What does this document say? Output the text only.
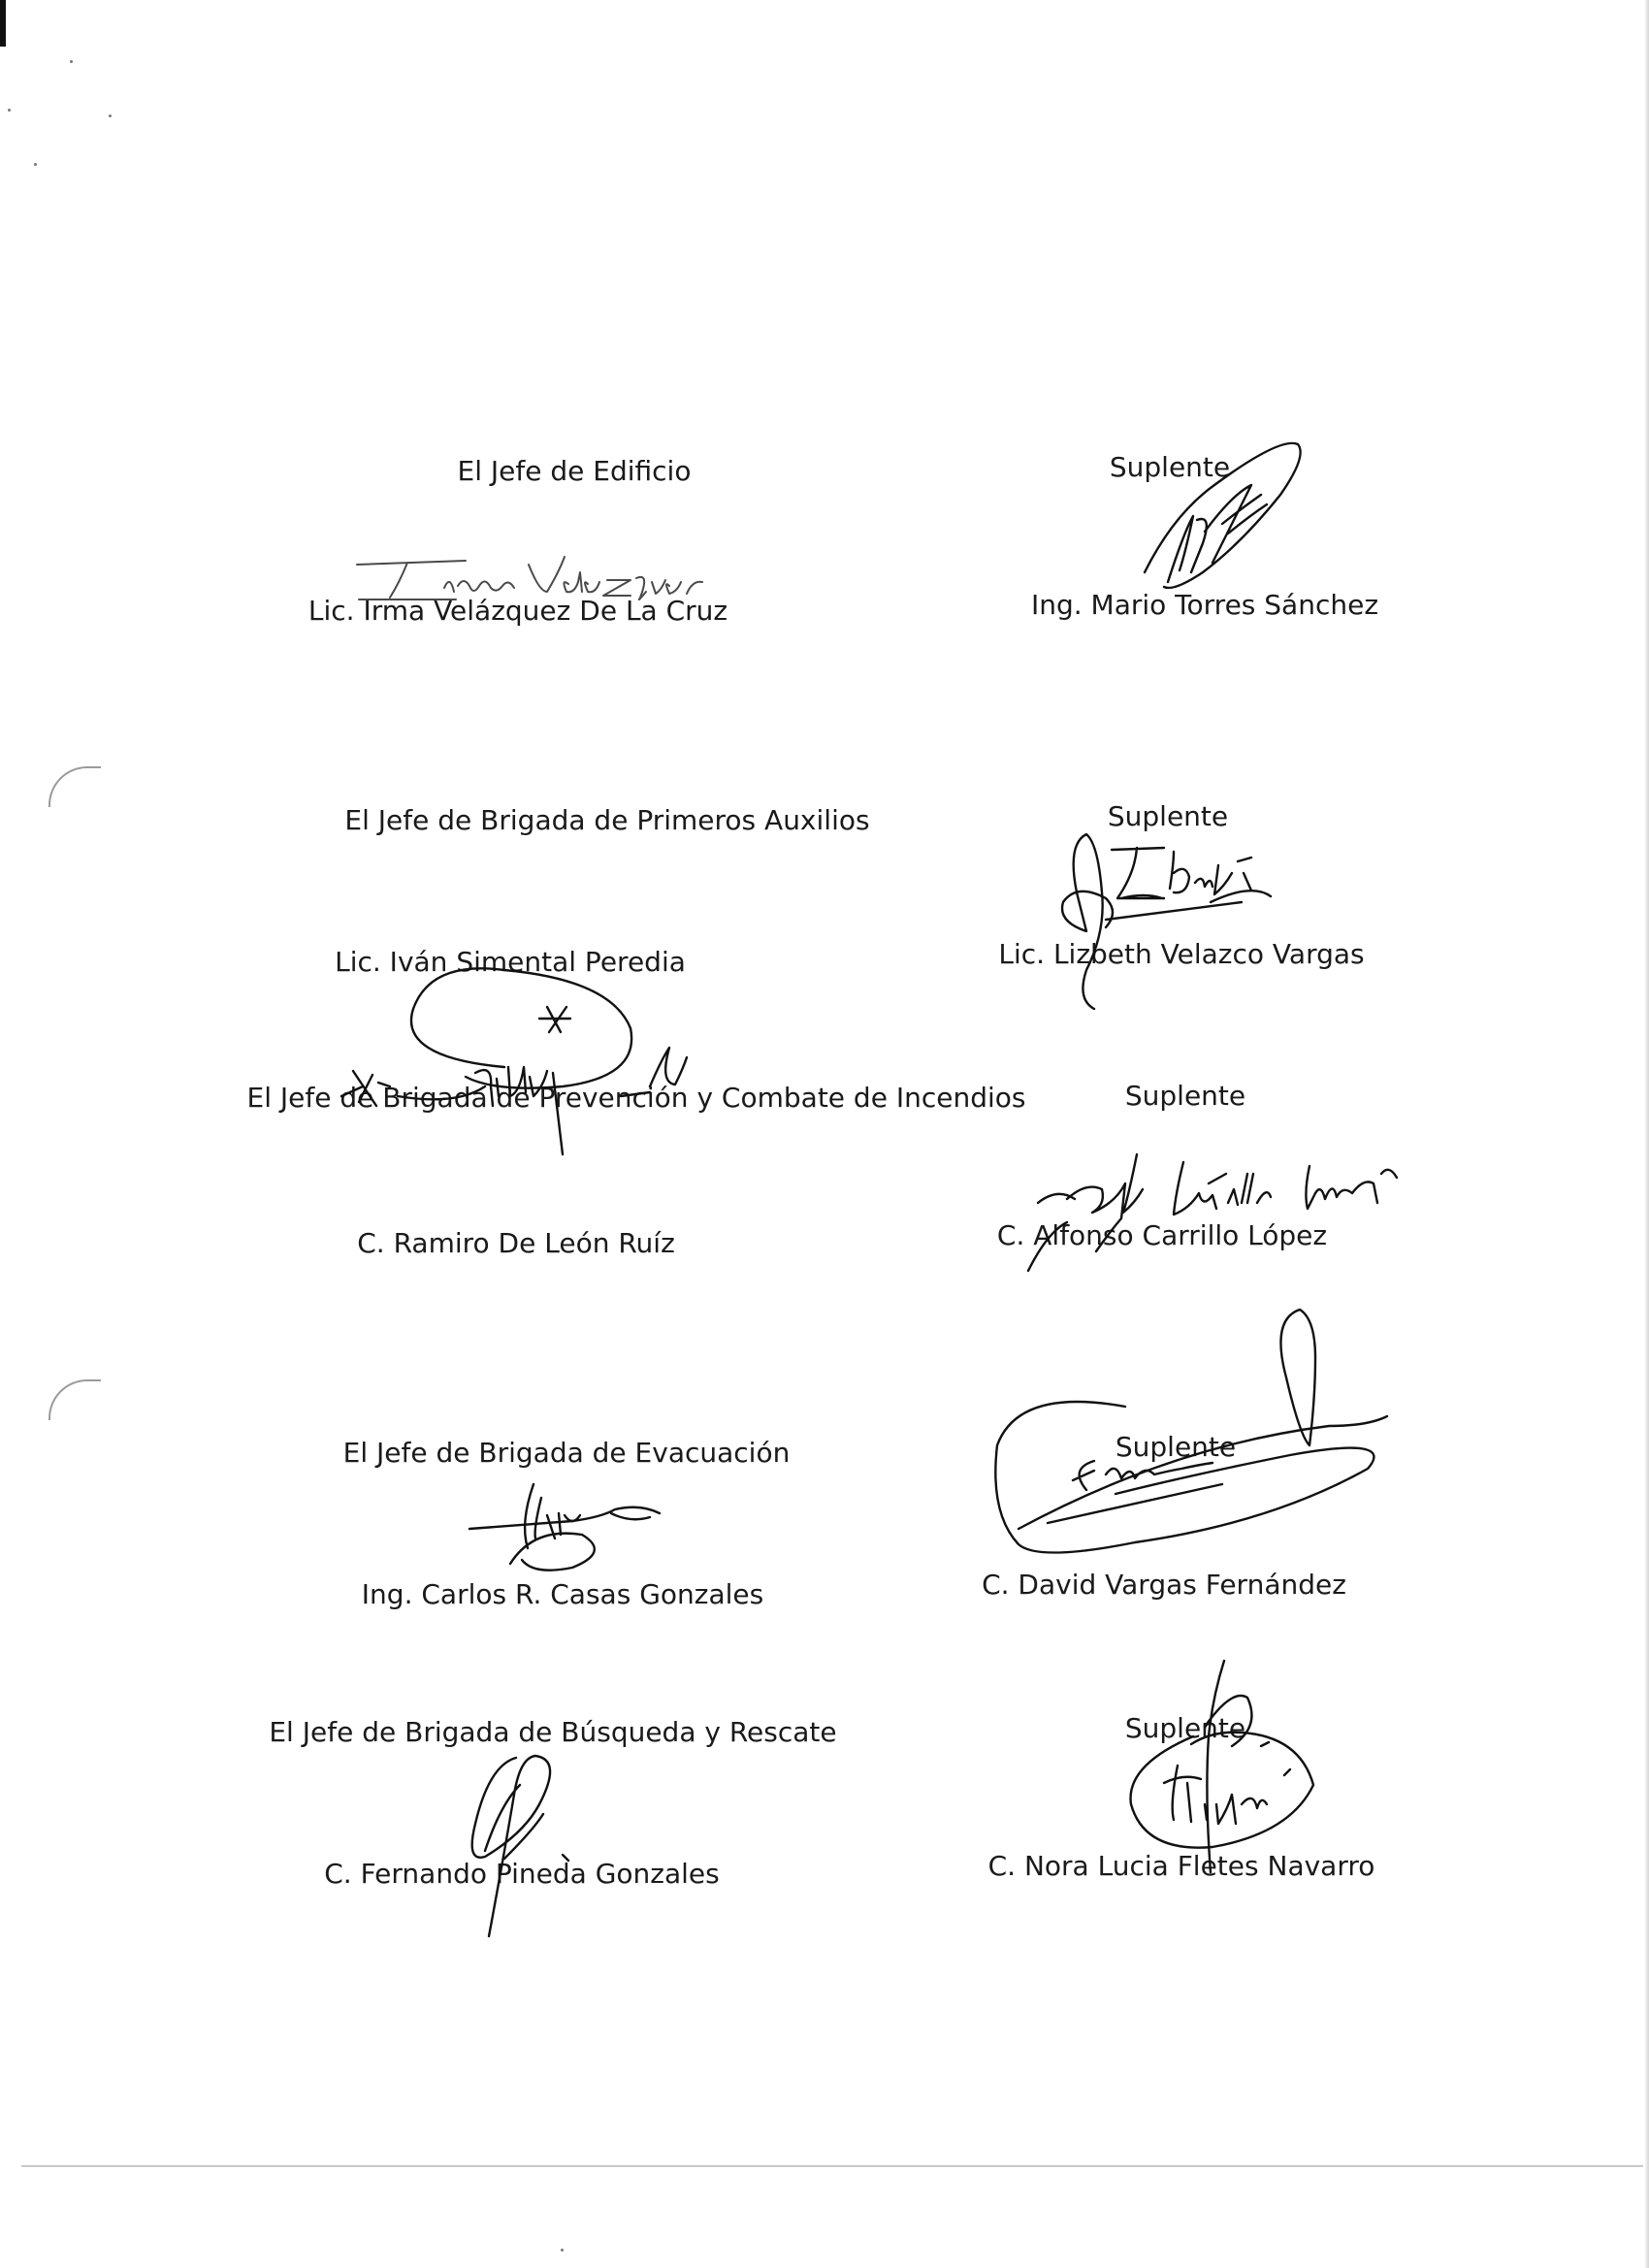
El Jefe de Edificio
Lic. Irma Velázquez De La Cruz
El Jefe de Brigada de Primeros Auxilios
Lic. Iván Simental Peredia
El Jefe de Brigada de Prevención y Combate de Incendios
C. Ramiro De León Ruíz
El Jefe de Brigada de Evacuación
Ing. Carlos R. Casas Gonzales
El Jefe de Brigada de Búsqueda y Rescate
C. Fernando Pineda Gonzales
Suplente
Ing. Mario Torres Sánchez
Suplente
Lic. Lizbeth Velazco Vargas
Suplente
C. Alfonso Carrillo López
Suplente
C. David Vargas Fernández
Suplente
C. Nora Lucia Fletes Navarro
